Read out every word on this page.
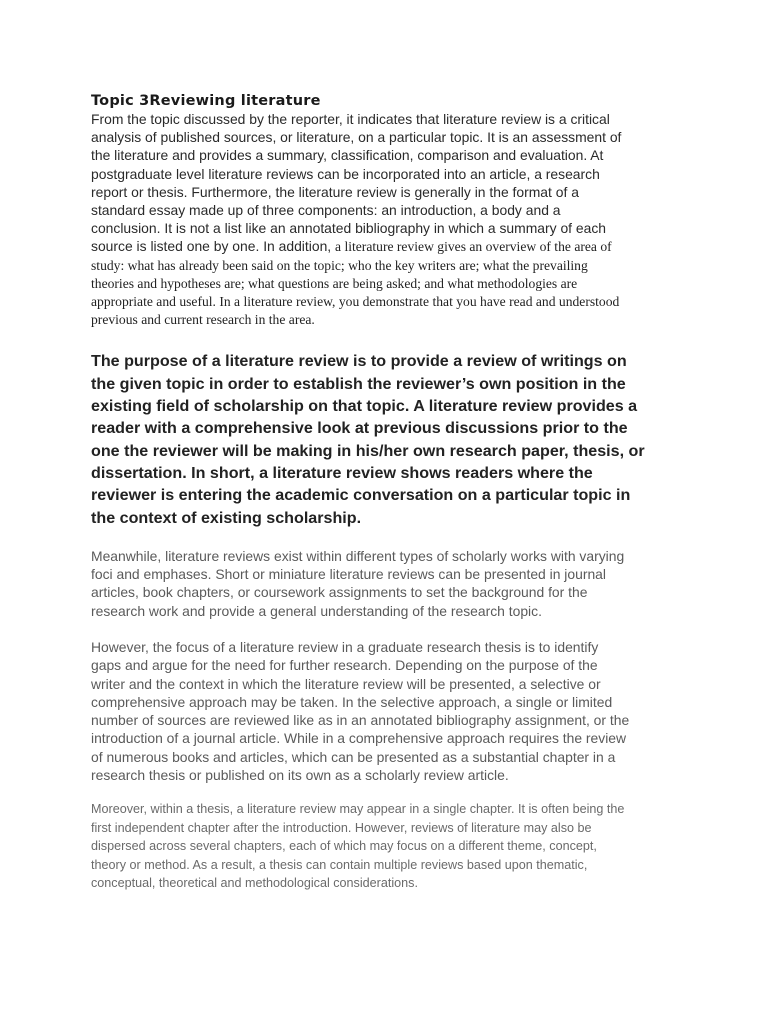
Topic 3Reviewing literature

From the topic discussed by the reporter, it indicates that literature review is a critical
analysis of published sources, or literature, on a particular topic. It is an assessment of
the literature and provides a summary, classification, comparison and evaluation. At
postgraduate level literature reviews can be incorporated into an article, a research
report or thesis. Furthermore, the literature review is generally in the format of a
standard essay made up of three components: an introduction, a body and a
conclusion. It is not a list like an annotated bibliography in which a summary of each
source is listed one by one. In addition, a literature review gives an overview of the area of
study: what has already been said on the topic; who the key writers are; what the prevailing
theories and hypotheses are; what questions are being asked; and what methodologies are
appropriate and useful. In a literature review, you demonstrate that you have read and understood
previous and current research in the area.

The purpose of a literature review is to provide a review of writings on
the given topic in order to establish the reviewer’s own position in the
existing field of scholarship on that topic. A literature review provides a
reader with a comprehensive look at previous discussions prior to the
one the reviewer will be making in his/her own research paper, thesis, or
dissertation. In short, a literature review shows readers where the
reviewer is entering the academic conversation on a particular topic in
the context of existing scholarship.

Meanwhile, literature reviews exist within different types of scholarly works with varying
foci and emphases. Short or miniature literature reviews can be presented in journal
articles, book chapters, or coursework assignments to set the background for the
research work and provide a general understanding of the research topic.

However, the focus of a literature review in a graduate research thesis is to identify
gaps and argue for the need for further research. Depending on the purpose of the
writer and the context in which the literature review will be presented, a selective or
comprehensive approach may be taken. In the selective approach, a single or limited
number of sources are reviewed like as in an annotated bibliography assignment, or the
introduction of a journal article. While in a comprehensive approach requires the review
of numerous books and articles, which can be presented as a substantial chapter in a
research thesis or published on its own as a scholarly review article.

Moreover, within a thesis, a literature review may appear in a single chapter. It is often being the
first independent chapter after the introduction. However, reviews of literature may also be
dispersed across several chapters, each of which may focus on a different theme, concept,
theory or method. As a result, a thesis can contain multiple reviews based upon thematic,
conceptual, theoretical and methodological considerations.
